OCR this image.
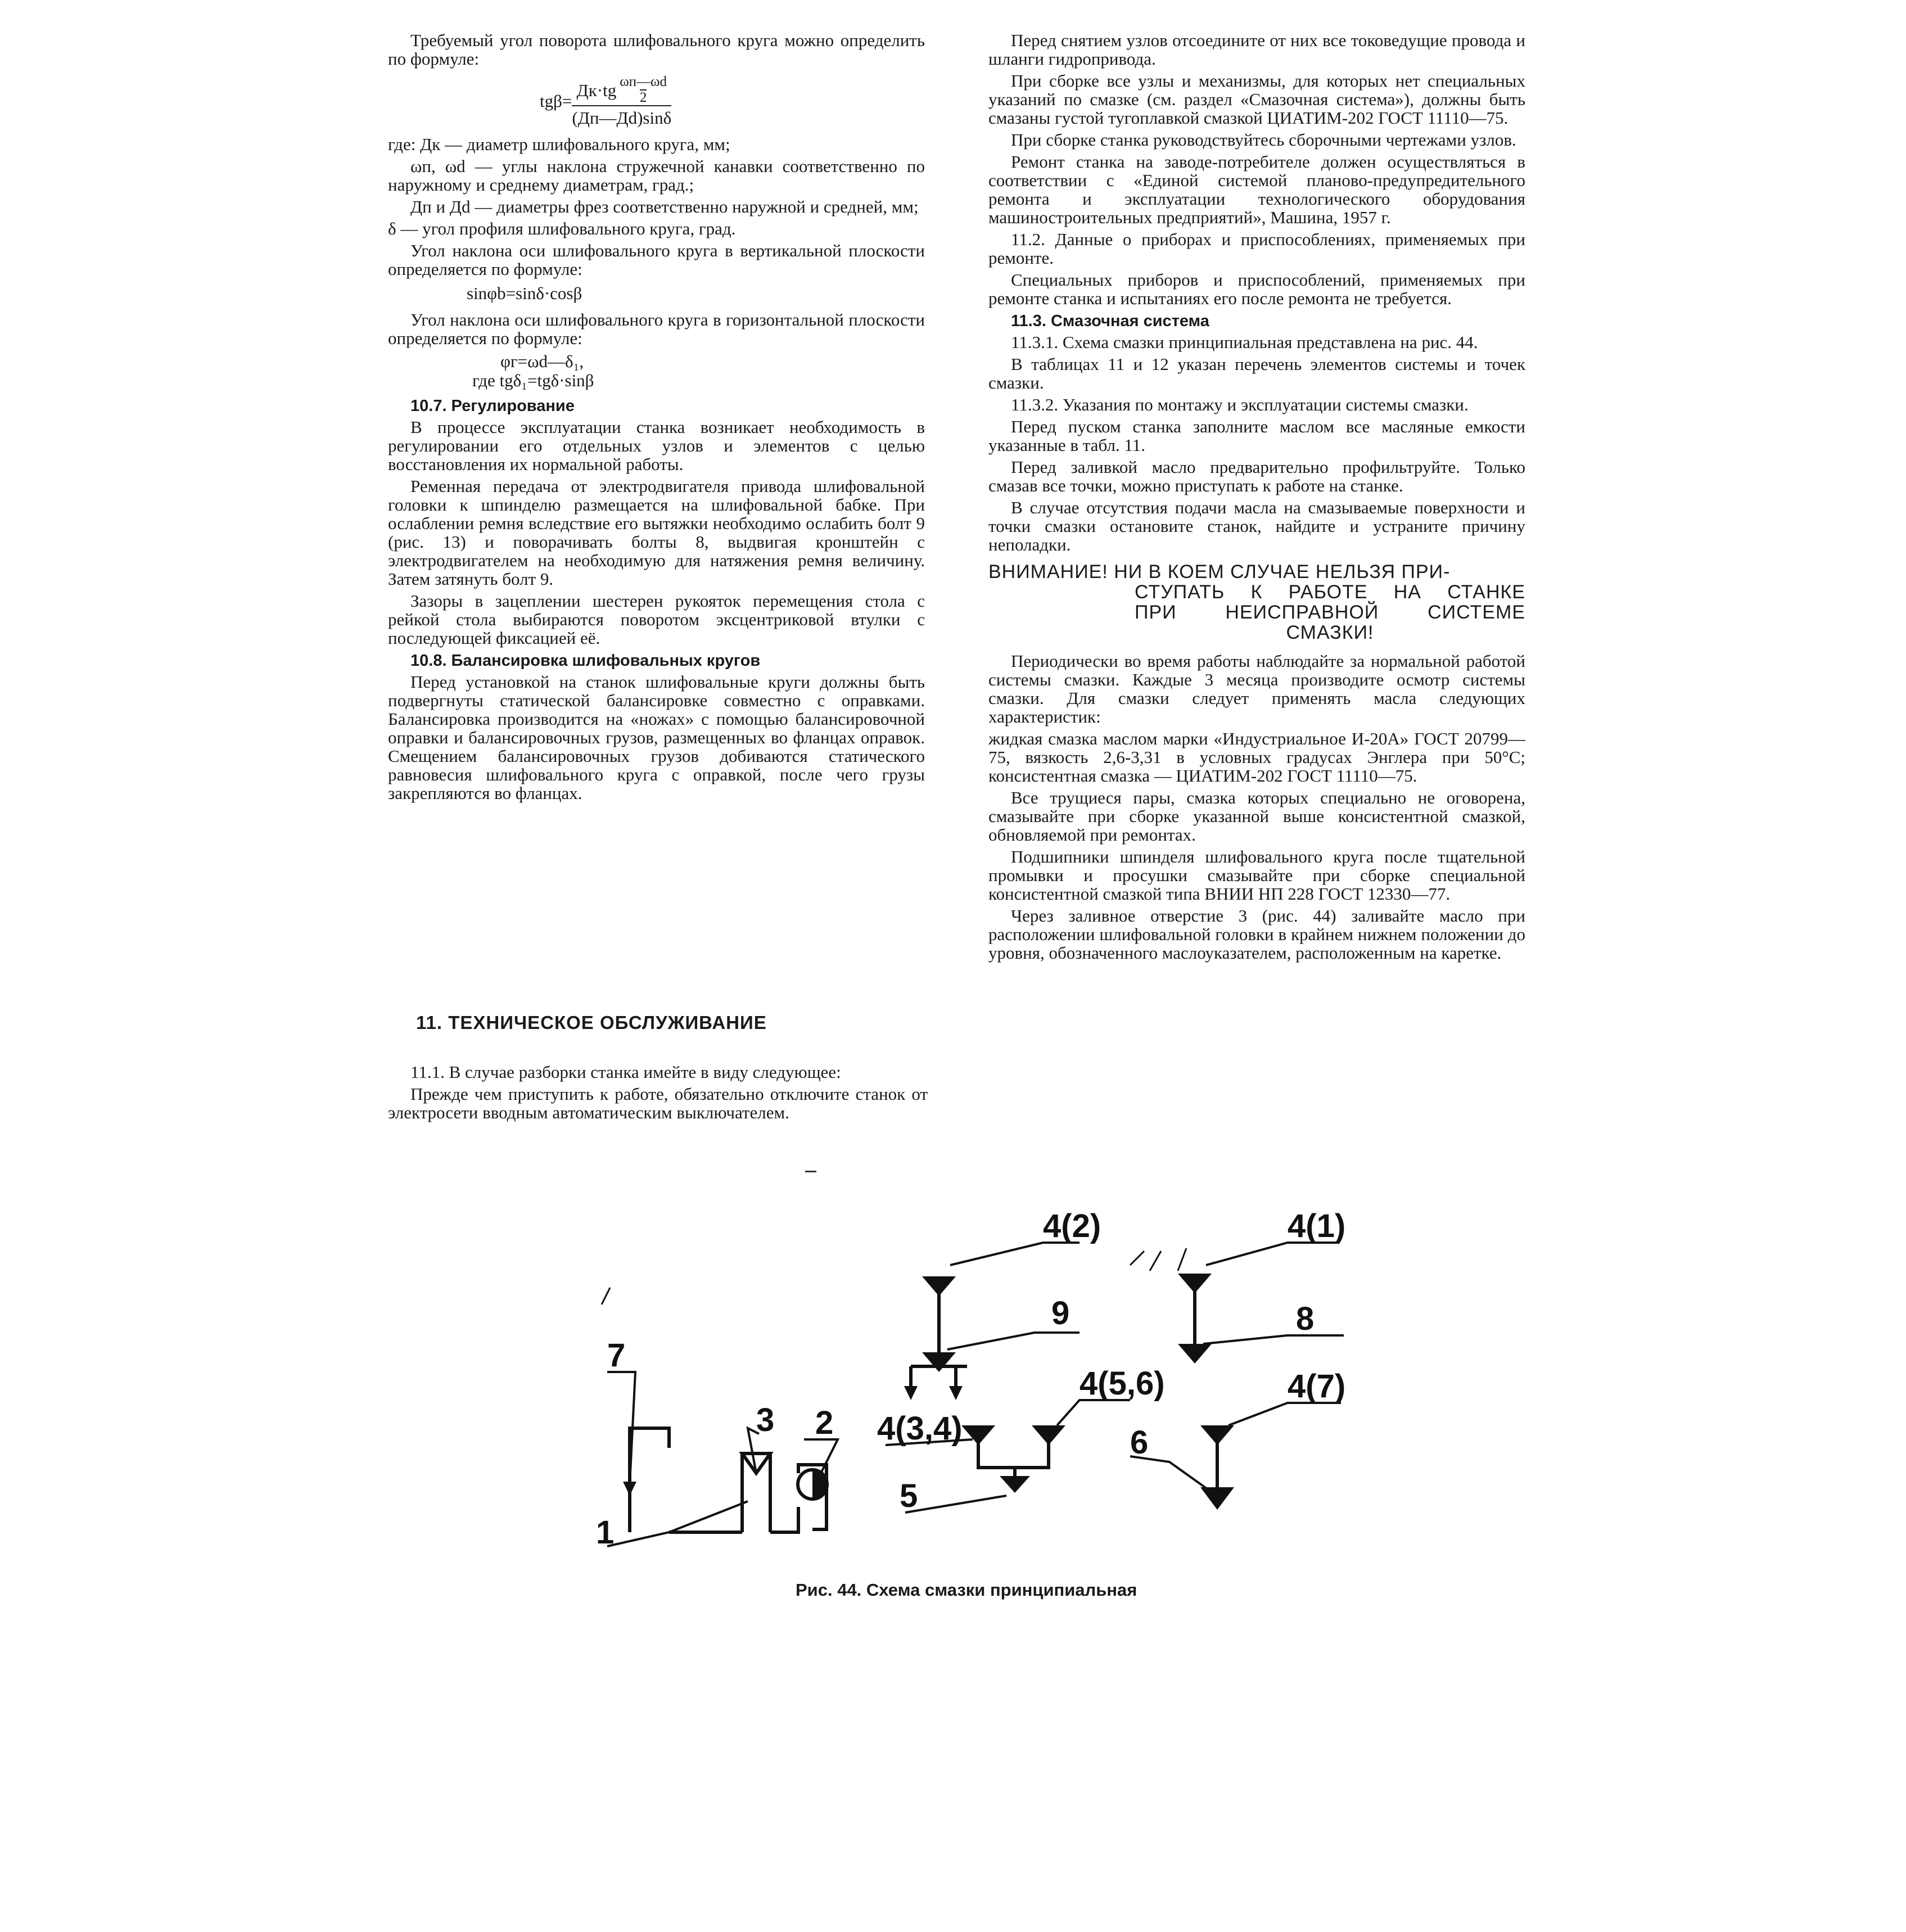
Требуемый угол поворота шлифовального круга можно определить по формуле:

$tg\beta= \frac{Дк\cdot tg \frac{\omega п—\omega d}{2}}{(Дп—Дd)\sin\delta}$

где: Дк — диаметр шлифовального круга, мм;

ωп, ωd — углы наклона стружечной канавки соответственно по наружному и среднему диаметрам, град.;

Дп и Дd — диаметры фрез соответственно наружной и средней, мм;

δ — угол профиля шлифовального круга, град.

Угол наклона оси шлифовального круга в вертикальной плоскости определяется по формуле:

sinφb=sinδ·cosβ

Угол наклона оси шлифовального круга в горизонтальной плоскости определяется по формуле:

φг=ωd—δ₁,
где tgδ₁=tgδ·sinβ
10.7. Регулирование

В процессе эксплуатации станка возникает необходимость в регулировании его отдельных узлов и элементов с целью восстановления их нормальной работы.

Ременная передача от электродвигателя привода шлифовальной головки к шпинделю размещается на шлифовальной бабке. При ослаблении ремня вследствие его вытяжки необходимо ослабить болт 9 (рис. 13) и поворачивать болты 8, выдвигая кронштейн с электродвигателем на необходимую для натяжения ремня величину. Затем затянуть болт 9.

Зазоры в зацеплении шестерен рукояток перемещения стола с рейкой стола выбираются поворотом эксцентриковой втулки с последующей фиксацией её.

10.8. Балансировка шлифовальных кругов

Перед установкой на станок шлифовальные круги должны быть подвергнуты статической балансировке совместно с оправками. Балансировка производится на «ножах» с помощью балансировочной оправки и балансировочных грузов, размещенных во фланцах оправок. Смещением балансировочных грузов добиваются статического равновесия шлифовального круга с оправкой, после чего грузы закрепляются во фланцах.

11. ТЕХНИЧЕСКОЕ ОБСЛУЖИВАНИЕ

11.1. В случае разборки станка имейте в виду следующее:

Прежде чем приступить к работе, обязательно отключите станок от электросети вводным автоматическим выключателем.

Перед снятием узлов отсоедините от них все токоведущие провода и шланги гидропривода.

При сборке все узлы и механизмы, для которых нет специальных указаний по смазке (см. раздел «Смазочная система»), должны быть смазаны густой тугоплавкой смазкой ЦИАТИМ-202 ГОСТ 11110—75.

При сборке станка руководствуйтесь сборочными чертежами узлов.

Ремонт станка на заводе-потребителе должен осуществляться в соответствии с «Единой системой планово-предупредительного ремонта и эксплуатации технологического оборудования машиностроительных предприятий», Машина, 1957 г.

11.2. Данные о приборах и приспособлениях, применяемых при ремонте.

Специальных приборов и приспособлений, применяемых при ремонте станка и испытаниях его после ремонта не требуется.

11.3. Смазочная система

11.3.1. Схема смазки принципиальная представлена на рис. 44.

В таблицах 11 и 12 указан перечень элементов системы и точек смазки.

11.3.2. Указания по монтажу и эксплуатации системы смазки.

Перед пуском станка заполните маслом все масляные емкости указанные в табл. 11.

Перед заливкой масло предварительно профильтруйте. Только смазав все точки, можно приступать к работе на станке.

В случае отсутствия подачи масла на смазываемые поверхности и точки смазки остановите станок, найдите и устраните причину неполадки.

ВНИМАНИЕ! НИ В КОЕМ СЛУЧАЕ НЕЛЬЗЯ ПРИ-
СТУПАТЬ К РАБОТЕ НА СТАНКЕ
ПРИ НЕИСПРАВНОЙ СИСТЕМЕ
СМАЗКИ!

Периодически во время работы наблюдайте за нормальной работой системы смазки. Каждые 3 месяца производите осмотр системы смазки. Для смазки следует применять масла следующих характеристик:

жидкая смазка маслом марки «Индустриальное И-20А» ГОСТ 20799—75, вязкость 2,6-3,31 в условных градусах Энглера при 50°С; консистентная смазка — ЦИАТИМ-202 ГОСТ 11110—75.

Все трущиеся пары, смазка которых специально не оговорена, смазывайте при сборке указанной выше консистентной смазкой, обновляемой при ремонтах.

Подшипники шпинделя шлифовального круга после тщательной промывки и просушки смазывайте при сборке специальной консистентной смазкой типа ВНИИ НП 228 ГОСТ 12330—77.

Через заливное отверстие 3 (рис. 44) заливайте масло при расположении шлифовальной головки в крайнем нижнем положении до уровня, обозначенного маслоуказателем, расположенным на каретке.

4(2)	4(1)
9	8
7
4(5,6)	4(7)
3 2 4(3,4)	6
5
1
Рис. 44. Схема смазки принципиальная
